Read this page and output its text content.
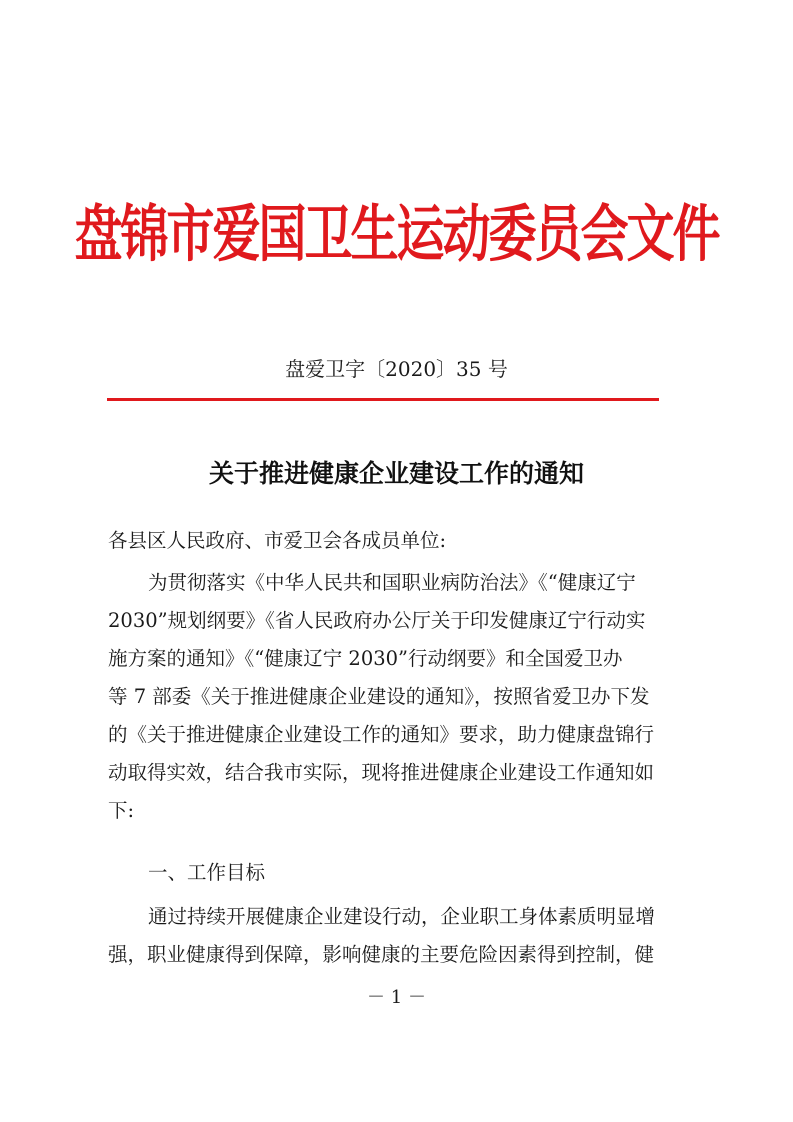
盘锦市爱国卫生运动委员会文件
盘爱卫字〔2020〕35 号
关于推进健康企业建设工作的通知
各县区人民政府、市爱卫会各成员单位:
为贯彻落实《中华人民共和国职业病防治法》《“健康辽宁
2030”规划纲要》《省人民政府办公厅关于印发健康辽宁行动实
施方案的通知》《“健康辽宁 2030”行动纲要》和全国爱卫办
等 7 部委《关于推进健康企业建设的通知》，按照省爱卫办下发
的《关于推进健康企业建设工作的通知》要求，助力健康盘锦行
动取得实效，结合我市实际，现将推进健康企业建设工作通知如
下:
一、工作目标
通过持续开展健康企业建设行动，企业职工身体素质明显增
强，职业健康得到保障，影响健康的主要危险因素得到控制，健
－ 1 －
